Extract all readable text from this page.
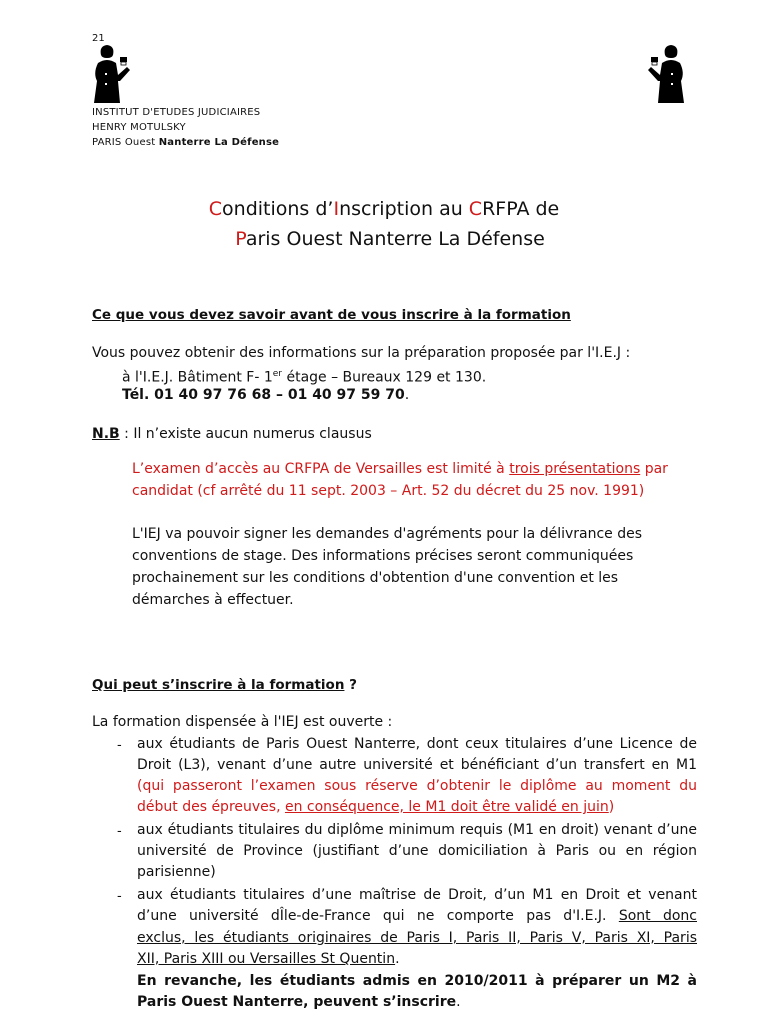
21
INSTITUT D'ETUDES JUDICIAIRES
HENRY MOTULSKY
PARIS Ouest Nanterre La Défense
Conditions d’Inscription au CRFPA de
Paris Ouest Nanterre La Défense
Ce que vous devez savoir avant de vous inscrire à la formation
Vous pouvez obtenir des informations sur la préparation proposée par l'I.E.J :
à l'I.E.J. Bâtiment F- 1er étage – Bureaux 129 et 130.
Tél. 01 40 97 76 68 – 01 40 97 59 70.
N.B : Il n’existe aucun numerus clausus
L’examen d’accès au CRFPA de Versailles est limité à trois présentations par
candidat (cf arrêté du 11 sept. 2003 – Art. 52 du décret du 25 nov. 1991)
L'IEJ va pouvoir signer les demandes d'agréments pour la délivrance des
conventions de stage. Des informations précises seront communiquées
prochainement sur les conditions d'obtention d'une convention et les
démarches à effectuer.
Qui peut s’inscrire à la formation ?
La formation dispensée à l'IEJ est ouverte :
- aux étudiants de Paris Ouest Nanterre, dont ceux titulaires d’une Licence de
Droit (L3), venant d’une autre université et bénéficiant d’un transfert en M1
(qui passeront l’examen sous réserve d’obtenir le diplôme au moment du
début des épreuves, en conséquence, le M1 doit être validé en juin)
- aux étudiants titulaires du diplôme minimum requis (M1 en droit) venant d’une
université de Province (justifiant d’une domiciliation à Paris ou en région
parisienne)
- aux étudiants titulaires d’une maîtrise de Droit, d’un M1 en Droit et venant
d’une université dÎle-de-France qui ne comporte pas d'I.E.J. Sont donc
exclus, les étudiants originaires de Paris I, Paris II, Paris V, Paris XI, Paris
XII, Paris XIII ou Versailles St Quentin.
En revanche, les étudiants admis en 2010/2011 à préparer un M2 à
Paris Ouest Nanterre, peuvent s’inscrire.
